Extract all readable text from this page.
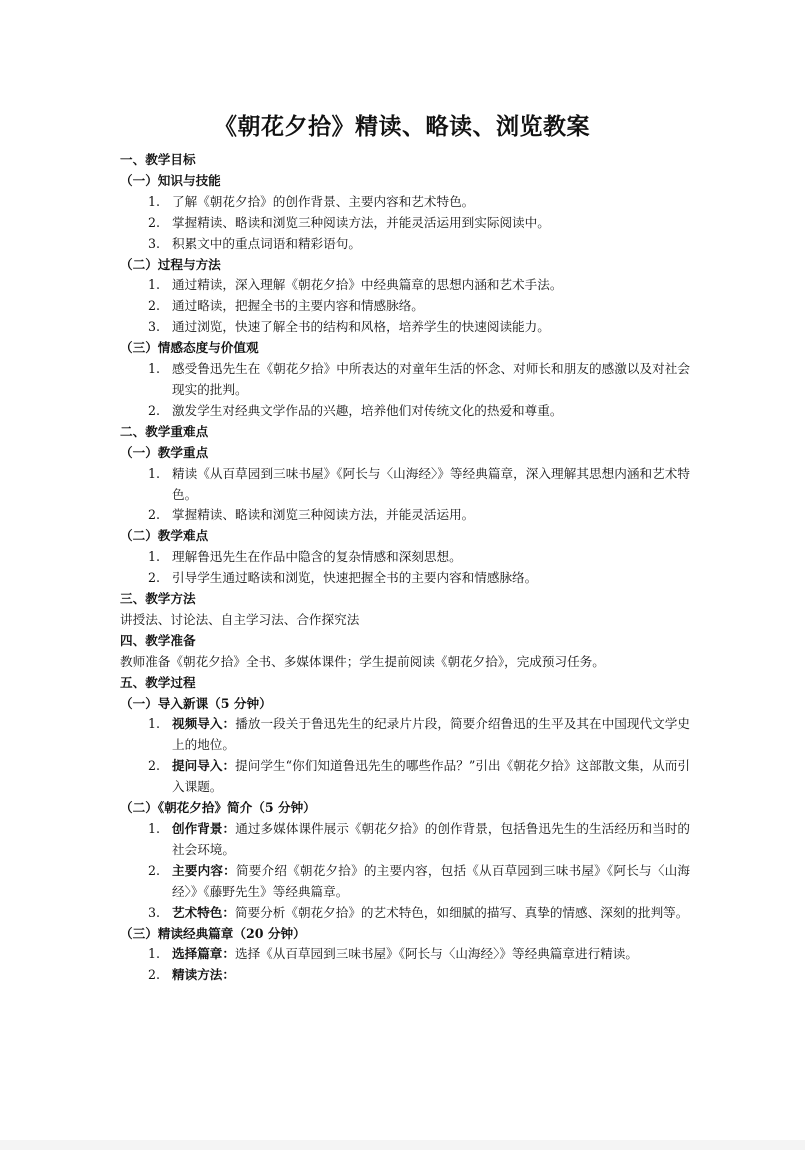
《朝花夕拾》精读、略读、浏览教案
一、教学目标
（一）知识与技能
1. 了解《朝花夕拾》的创作背景、主要内容和艺术特色。
2. 掌握精读、略读和浏览三种阅读方法，并能灵活运用到实际阅读中。
3. 积累文中的重点词语和精彩语句。
（二）过程与方法
1. 通过精读，深入理解《朝花夕拾》中经典篇章的思想内涵和艺术手法。
2. 通过略读，把握全书的主要内容和情感脉络。
3. 通过浏览，快速了解全书的结构和风格，培养学生的快速阅读能力。
（三）情感态度与价值观
1. 感受鲁迅先生在《朝花夕拾》中所表达的对童年生活的怀念、对师长和朋友的感激以及对社会现实的批判。
2. 激发学生对经典文学作品的兴趣，培养他们对传统文化的热爱和尊重。
二、教学重难点
（一）教学重点
1. 精读《从百草园到三味书屋》《阿长与〈山海经〉》等经典篇章，深入理解其思想内涵和艺术特色。
2. 掌握精读、略读和浏览三种阅读方法，并能灵活运用。
（二）教学难点
1. 理解鲁迅先生在作品中隐含的复杂情感和深刻思想。
2. 引导学生通过略读和浏览，快速把握全书的主要内容和情感脉络。
三、教学方法
讲授法、讨论法、自主学习法、合作探究法
四、教学准备
教师准备《朝花夕拾》全书、多媒体课件；学生提前阅读《朝花夕拾》，完成预习任务。
五、教学过程
（一）导入新课（5 分钟）
1. 视频导入：播放一段关于鲁迅先生的纪录片片段，简要介绍鲁迅的生平及其在中国现代文学史上的地位。
2. 提问导入：提问学生“你们知道鲁迅先生的哪些作品？”引出《朝花夕拾》这部散文集，从而引入课题。
（二）《朝花夕拾》简介（5 分钟）
1. 创作背景：通过多媒体课件展示《朝花夕拾》的创作背景，包括鲁迅先生的生活经历和当时的社会环境。
2. 主要内容：简要介绍《朝花夕拾》的主要内容，包括《从百草园到三味书屋》《阿长与〈山海经〉》《藤野先生》等经典篇章。
3. 艺术特色：简要分析《朝花夕拾》的艺术特色，如细腻的描写、真挚的情感、深刻的批判等。
（三）精读经典篇章（20 分钟）
1. 选择篇章：选择《从百草园到三味书屋》《阿长与〈山海经〉》等经典篇章进行精读。
2. 精读方法：
